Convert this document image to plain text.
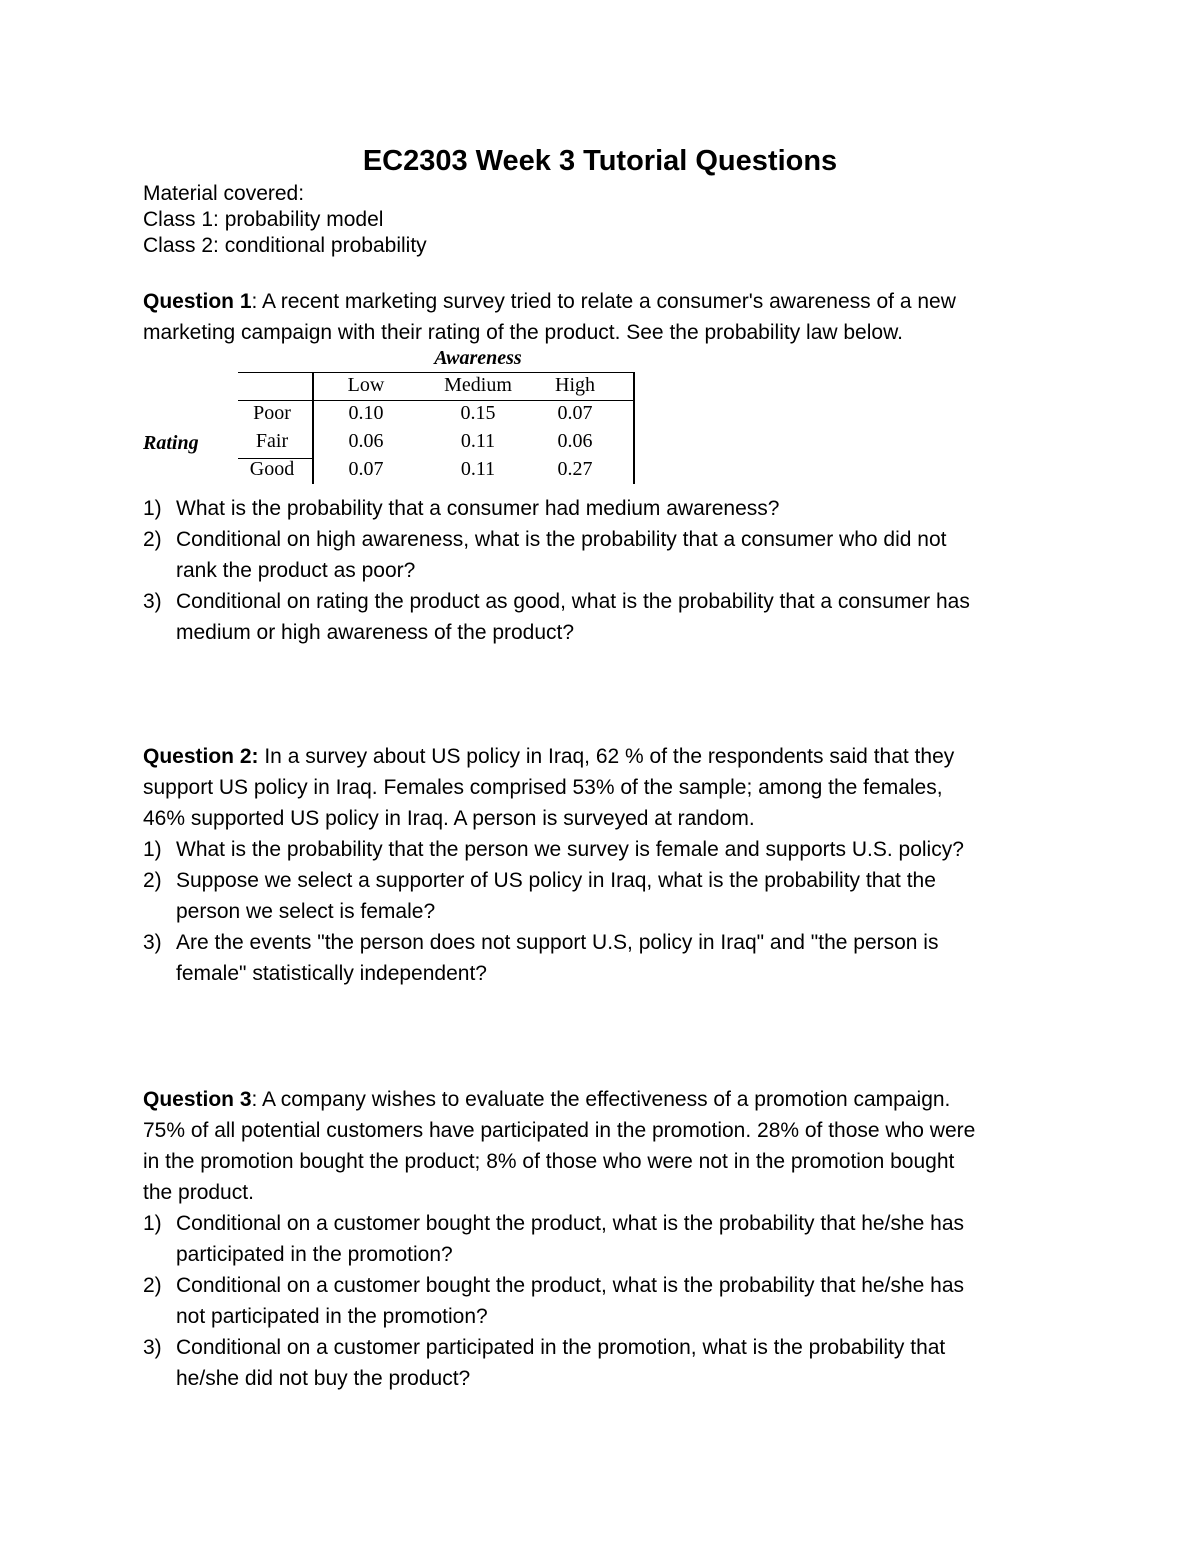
EC2303 Week 3 Tutorial Questions
Material covered:
Class 1: probability model
Class 2: conditional probability
Question 1: A recent marketing survey tried to relate a consumer's awareness of a new
marketing campaign with their rating of the product. See the probability law below.
Awareness
Rating
Low	Medium	High
Poor	0.10	0.15	0.07
Fair	0.06	0.11	0.06
Good	0.07	0.11	0.27
1) What is the probability that a consumer had medium awareness?
2) Conditional on high awareness, what is the probability that a consumer who did not
rank the product as poor?
3) Conditional on rating the product as good, what is the probability that a consumer has
medium or high awareness of the product?
Question 2: In a survey about US policy in Iraq, 62 % of the respondents said that they
support US policy in Iraq. Females comprised 53% of the sample; among the females,
46% supported US policy in Iraq. A person is surveyed at random.
1) What is the probability that the person we survey is female and supports U.S. policy?
2) Suppose we select a supporter of US policy in Iraq, what is the probability that the
person we select is female?
3) Are the events "the person does not support U.S, policy in Iraq" and "the person is
female" statistically independent?
Question 3: A company wishes to evaluate the effectiveness of a promotion campaign.
75% of all potential customers have participated in the promotion. 28% of those who were
in the promotion bought the product; 8% of those who were not in the promotion bought
the product.
1) Conditional on a customer bought the product, what is the probability that he/she has
participated in the promotion?
2) Conditional on a customer bought the product, what is the probability that he/she has
not participated in the promotion?
3) Conditional on a customer participated in the promotion, what is the probability that
he/she did not buy the product?
